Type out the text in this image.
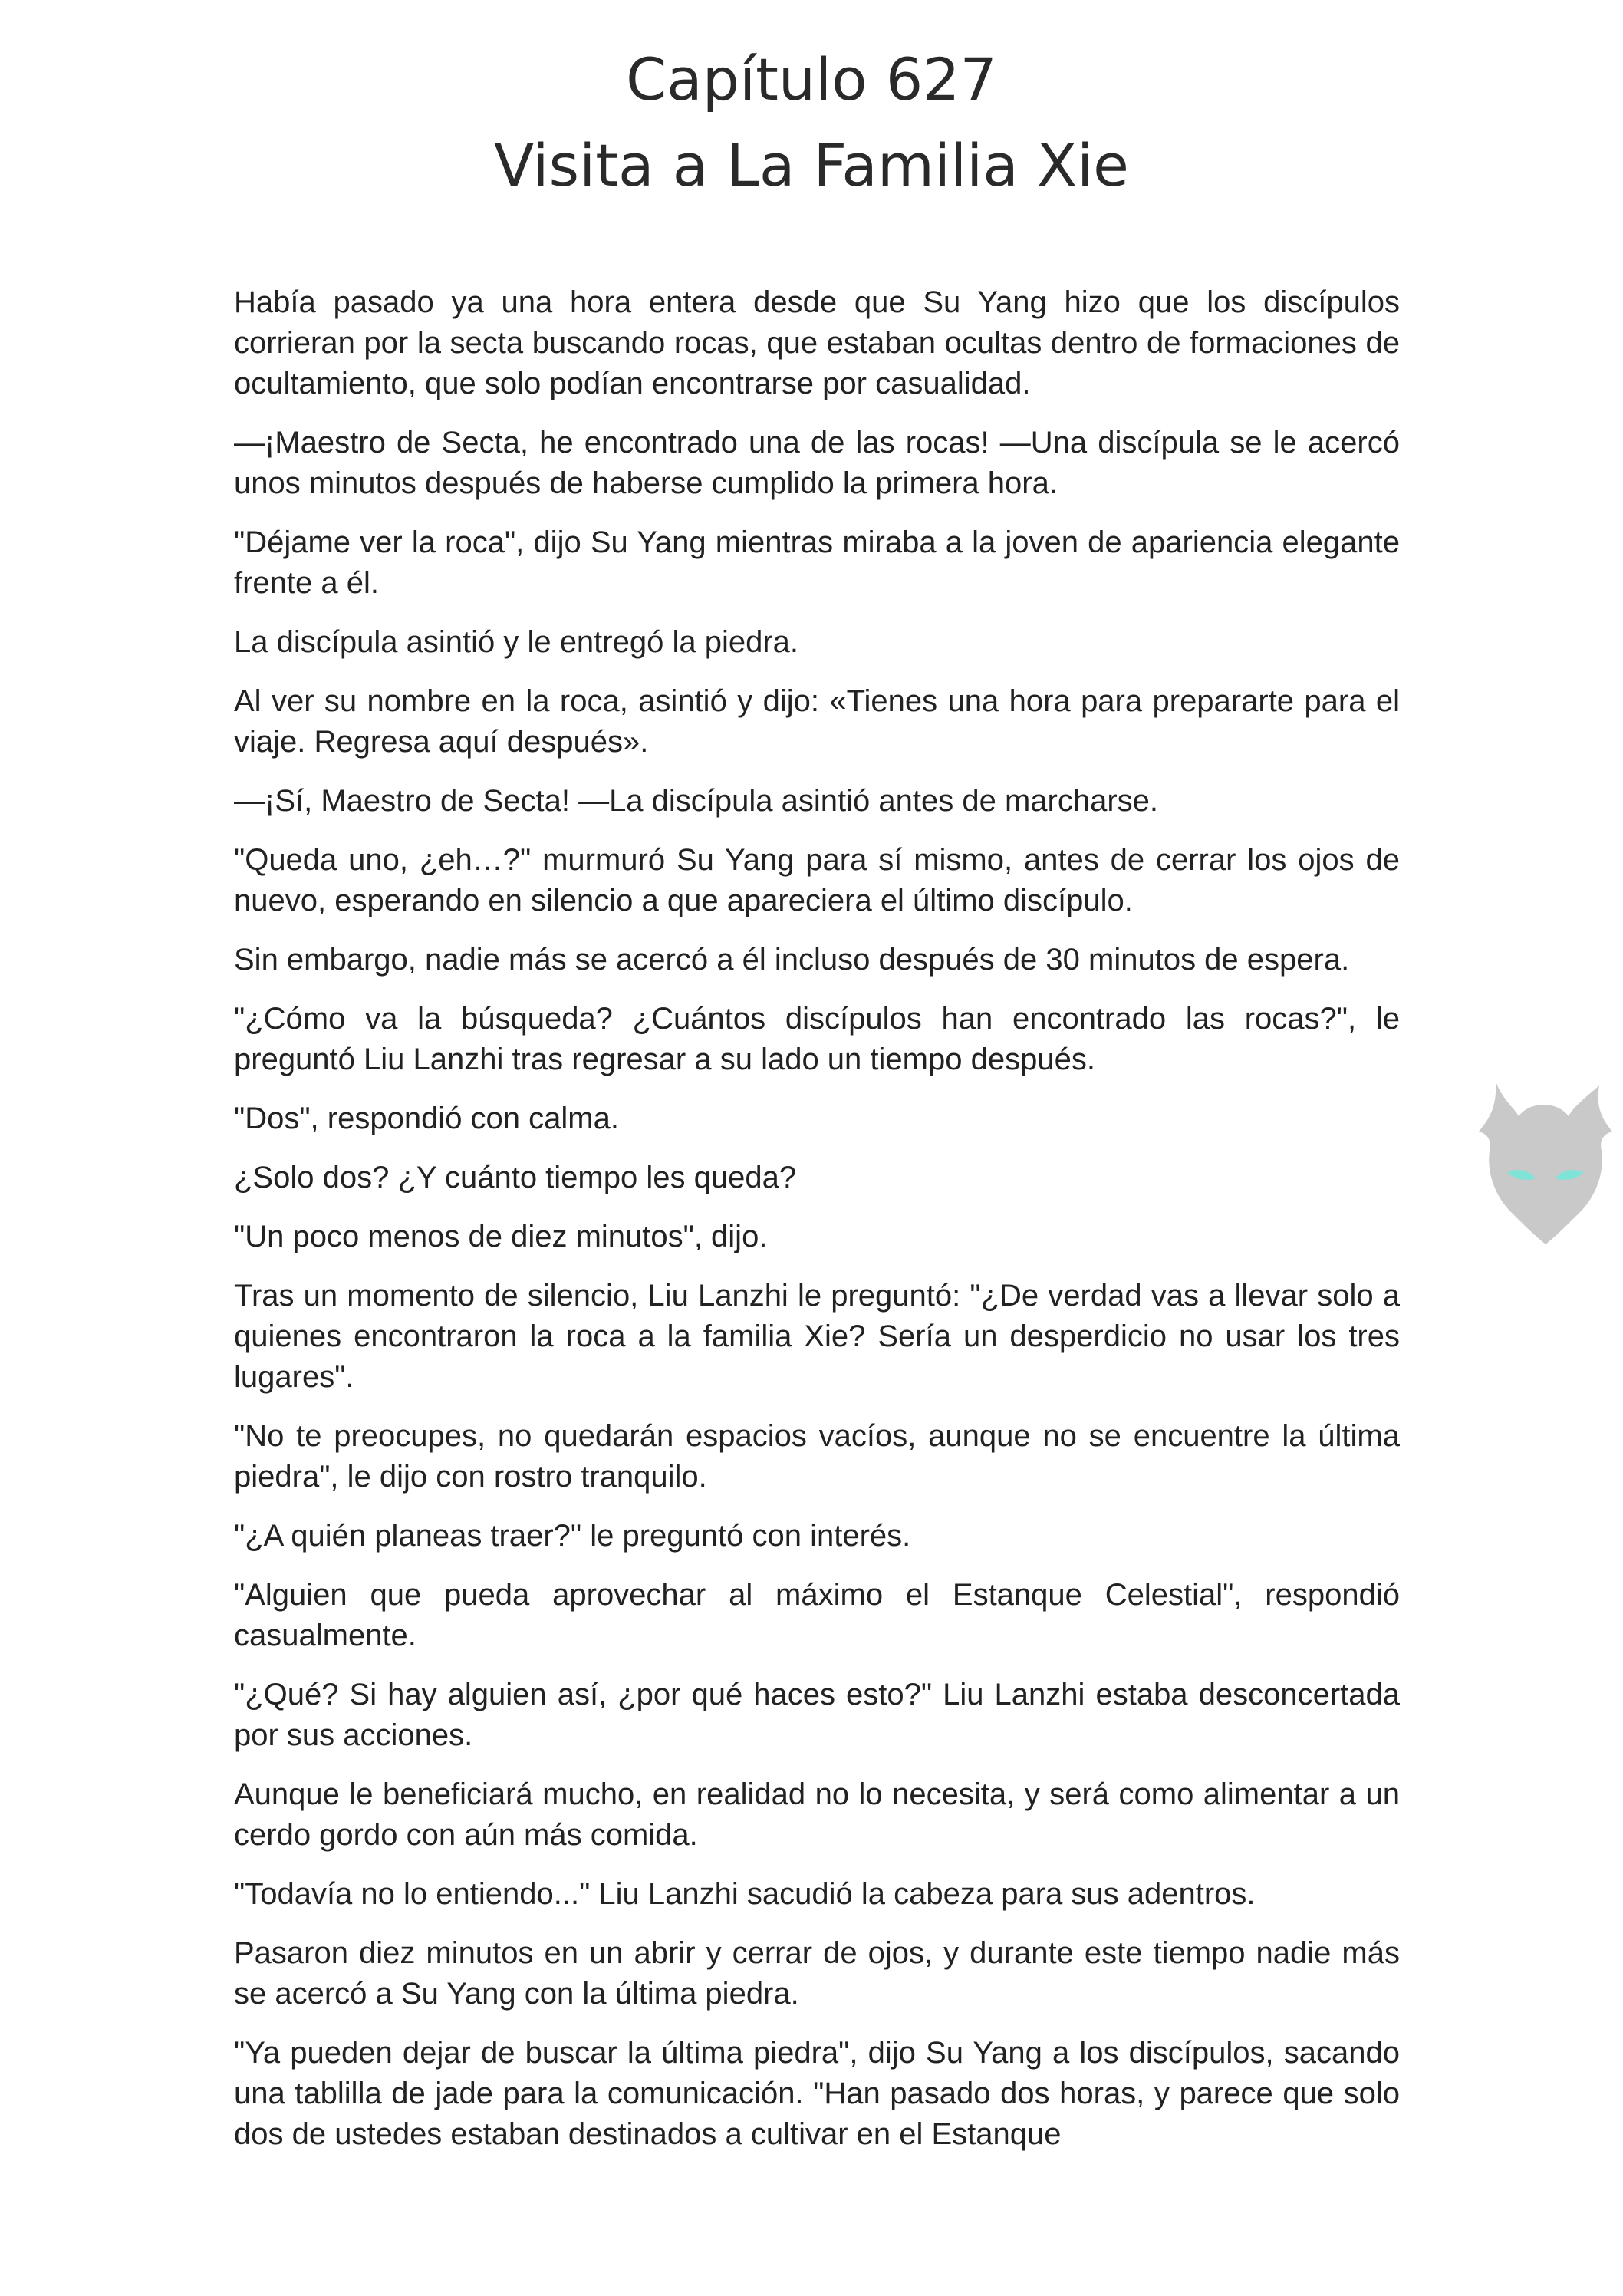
Capítulo 627
Visita a La Familia Xie

Había pasado ya una hora entera desde que Su Yang hizo que los discípulos corrieran por la secta buscando rocas, que estaban ocultas dentro de formaciones de ocultamiento, que solo podían encontrarse por casualidad.

—¡Maestro de Secta, he encontrado una de las rocas! —Una discípula se le acercó unos minutos después de haberse cumplido la primera hora.

"Déjame ver la roca", dijo Su Yang mientras miraba a la joven de apariencia elegante frente a él.

La discípula asintió y le entregó la piedra.

Al ver su nombre en la roca, asintió y dijo: «Tienes una hora para prepararte para el viaje. Regresa aquí después».

—¡Sí, Maestro de Secta! —La discípula asintió antes de marcharse.

"Queda uno, ¿eh…?" murmuró Su Yang para sí mismo, antes de cerrar los ojos de nuevo, esperando en silencio a que apareciera el último discípulo.

Sin embargo, nadie más se acercó a él incluso después de 30 minutos de espera.

"¿Cómo va la búsqueda? ¿Cuántos discípulos han encontrado las rocas?", le preguntó Liu Lanzhi tras regresar a su lado un tiempo después.

"Dos", respondió con calma.

¿Solo dos? ¿Y cuánto tiempo les queda?

"Un poco menos de diez minutos", dijo.

Tras un momento de silencio, Liu Lanzhi le preguntó: "¿De verdad vas a llevar solo a quienes encontraron la roca a la familia Xie? Sería un desperdicio no usar los tres lugares".

"No te preocupes, no quedarán espacios vacíos, aunque no se encuentre la última piedra", le dijo con rostro tranquilo.

"¿A quién planeas traer?" le preguntó con interés.

"Alguien que pueda aprovechar al máximo el Estanque Celestial", respondió casualmente.

"¿Qué? Si hay alguien así, ¿por qué haces esto?" Liu Lanzhi estaba desconcertada por sus acciones.

Aunque le beneficiará mucho, en realidad no lo necesita, y será como alimentar a un cerdo gordo con aún más comida.

"Todavía no lo entiendo..." Liu Lanzhi sacudió la cabeza para sus adentros.

Pasaron diez minutos en un abrir y cerrar de ojos, y durante este tiempo nadie más se acercó a Su Yang con la última piedra.

"Ya pueden dejar de buscar la última piedra", dijo Su Yang a los discípulos, sacando una tablilla de jade para la comunicación. "Han pasado dos horas, y parece que solo dos de ustedes estaban destinados a cultivar en el Estanque
